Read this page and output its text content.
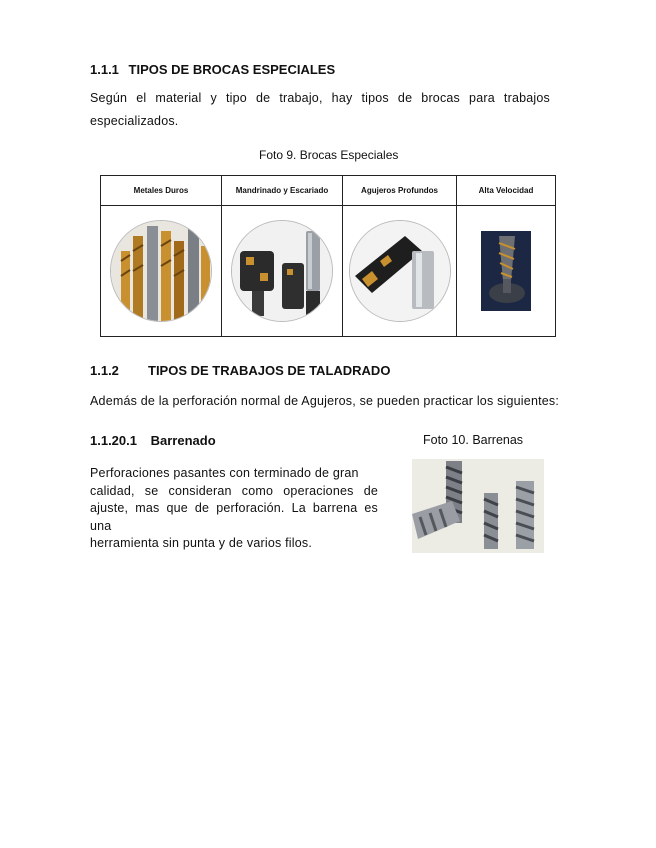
1.1.1 TIPOS DE BROCAS ESPECIALES
Según el material y tipo de trabajo, hay tipos de brocas para trabajos
especializados.
Foto 9. Brocas Especiales
Metales Duros	Mandrinado y Escariado	Agujeros Profundos	Alta Velocidad
1.1.2 TIPOS DE TRABAJOS DE TALADRADO
Además de la perforación normal de Agujeros, se pueden practicar los siguientes:
1.1.20.1 Barrenado	Foto 10. Barrenas
Perforaciones pasantes con terminado de gran
calidad, se consideran como operaciones de
ajuste, mas que de perforación. La barrena es una
herramienta sin punta y de varios filos.
